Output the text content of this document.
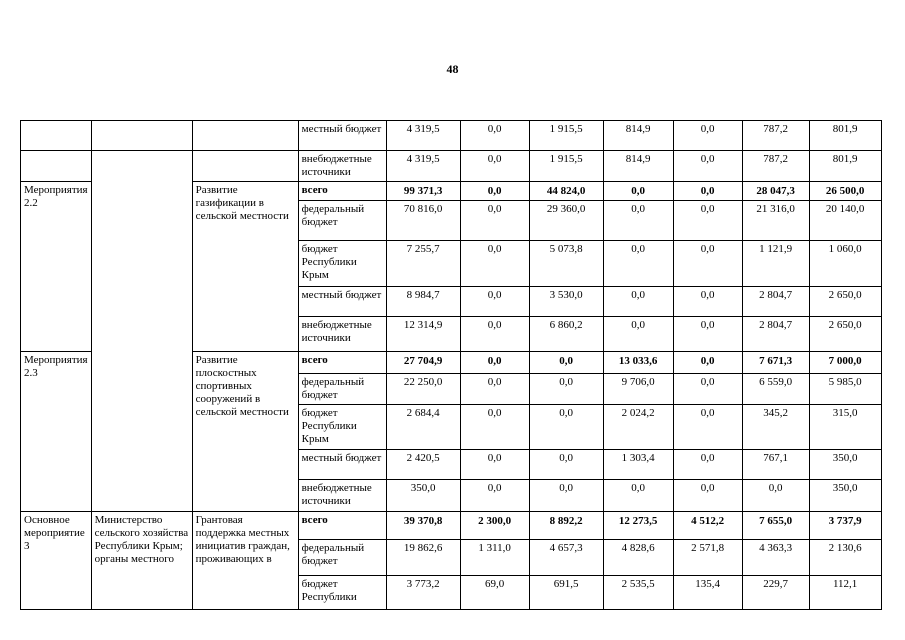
48
			местный бюджет	4 319,5	0,0	1 915,5	814,9	0,0	787,2	801,9
			внебюджетные источники	4 319,5	0,0	1 915,5	814,9	0,0	787,2	801,9
Мероприятия 2.2		Развитие газификации в сельской местности	всего	99 371,3	0,0	44 824,0	0,0	0,0	28 047,3	26 500,0
			федеральный бюджет	70 816,0	0,0	29 360,0	0,0	0,0	21 316,0	20 140,0
			бюджет Республики Крым	7 255,7	0,0	5 073,8	0,0	0,0	1 121,9	1 060,0
			местный бюджет	8 984,7	0,0	3 530,0	0,0	0,0	2 804,7	2 650,0
			внебюджетные источники	12 314,9	0,0	6 860,2	0,0	0,0	2 804,7	2 650,0
Мероприятия 2.3		Развитие плоскостных спортивных сооружений в сельской местности	всего	27 704,9	0,0	0,0	13 033,6	0,0	7 671,3	7 000,0
			федеральный бюджет	22 250,0	0,0	0,0	9 706,0	0,0	6 559,0	5 985,0
			бюджет Республики Крым	2 684,4	0,0	0,0	2 024,2	0,0	345,2	315,0
			местный бюджет	2 420,5	0,0	0,0	1 303,4	0,0	767,1	350,0
			внебюджетные источники	350,0	0,0	0,0	0,0	0,0	0,0	350,0
Основное мероприятие 3	Министерство сельского хозяйства Республики Крым; органы местного	Грантовая поддержка местных инициатив граждан, проживающих в	всего	39 370,8	2 300,0	8 892,2	12 273,5	4 512,2	7 655,0	3 737,9
			федеральный бюджет	19 862,6	1 311,0	4 657,3	4 828,6	2 571,8	4 363,3	2 130,6
			бюджет Республики	3 773,2	69,0	691,5	2 535,5	135,4	229,7	112,1
